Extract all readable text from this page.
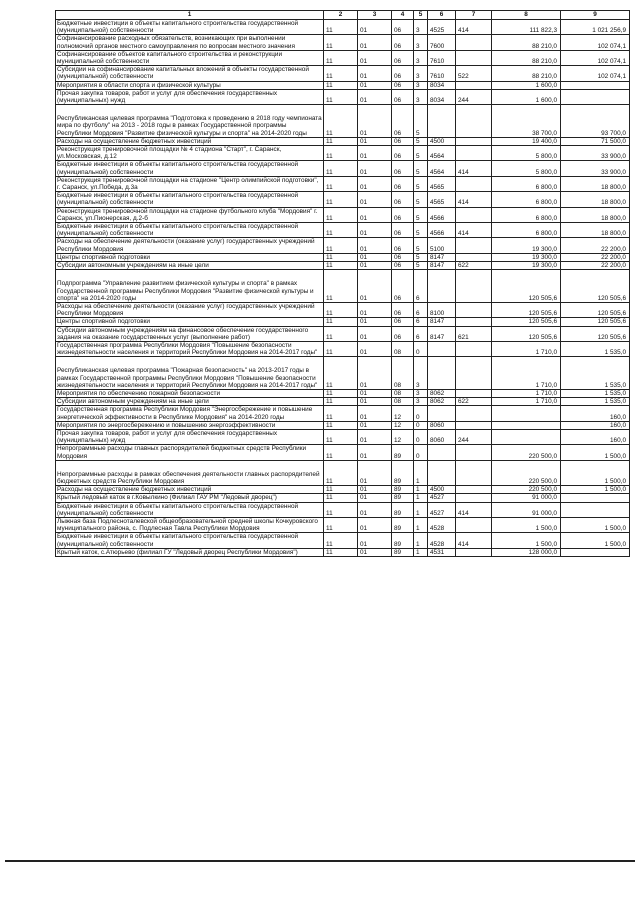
1	2	3	4	5	6	7	8	9
Бюджетные инвестиции в объекты капитального строительства государственной (муниципальной) собственности	11	01	06	3	4525	414	111 822,3	1 021 256,9
Софинансирование расходных обязательств, возникающих при выполнении полномочий органов местного самоуправления по вопросам местного значения	11	01	06	3	7600		88 210,0	102 074,1
Софинансирование объектов капитального строительства и реконструкции муниципальной собственности	11	01	06	3	7610		88 210,0	102 074,1
Субсидии на софинансирование капитальных вложений в объекты государственной (муниципальной) собственности	11	01	06	3	7610	522	88 210,0	102 074,1
Мероприятия в области спорта и физической культуры	11	01	06	3	8034		1 600,0	
Прочая закупка товаров, работ и услуг для обеспечения государственных (муниципальных) нужд	11	01	06	3	8034	244	1 600,0	
Республиканская целевая программа "Подготовка к проведению в 2018 году чемпионата мира по футболу" на 2013 - 2018 годы в рамках Государственной программы Республики Мордовия "Развитие физической культуры и спорта" на 2014-2020 годы	11	01	06	5			38 700,0	93 700,0
Расходы на осуществление бюджетных инвестиций	11	01	06	5	4500		19 400,0	71 500,0
Реконструкция тренировочной площадки № 4 стадиона "Старт", г. Саранск, ул.Московская, д.12	11	01	06	5	4564		5 800,0	33 900,0
Бюджетные инвестиции в объекты капитального строительства государственной (муниципальной) собственности	11	01	06	5	4564	414	5 800,0	33 900,0
Реконструкция тренировочной площадки на стадионе "Центр олимпийской подготовки", г. Саранск, ул.Победа, д.3а	11	01	06	5	4565		6 800,0	18 800,0
Бюджетные инвестиции в объекты капитального строительства государственной (муниципальной) собственности	11	01	06	5	4565	414	6 800,0	18 800,0
Реконструкция тренировочной площадки на стадионе футбольного клуба "Мордовия" г. Саранск, ул.Пионерская, д.2-б	11	01	06	5	4566		6 800,0	18 800,0
Бюджетные инвестиции в объекты капитального строительства государственной (муниципальной) собственности	11	01	06	5	4566	414	6 800,0	18 800,0
Расходы на обеспечение деятельности (оказание услуг) государственных учреждений Республики Мордовия	11	01	06	5	5100		19 300,0	22 200,0
Центры спортивной подготовки	11	01	06	5	8147		19 300,0	22 200,0
Субсидии автономным учреждениям на иные цели	11	01	06	5	8147	622	19 300,0	22 200,0
Подпрограмма "Управление развитием физической культуры и спорта" в рамках Государственной программы Республики Мордовия "Развитие физической культуры и спорта" на 2014-2020 годы	11	01	06	6			120 505,6	120 505,6
Расходы на обеспечение деятельности (оказание услуг) государственных учреждений Республики Мордовия	11	01	06	6	8100		120 505,6	120 505,6
Центры спортивной подготовки	11	01	06	6	8147		120 505,6	120 505,6
Субсидии автономным учреждениям на финансовое обеспечение государственного задания на оказание государственных услуг (выполнение работ)	11	01	06	6	8147	621	120 505,6	120 505,6
Государственная программа Республики Мордовия "Повышение безопасности жизнедеятельности населения и территорий Республики Мордовия на 2014-2017 годы"	11	01	08	0			1 710,0	1 535,0
Республиканская целевая программа "Пожарная безопасность" на 2013-2017 годы в рамках Государственной программы Республики Мордовия "Повышение безопасности жизнедеятельности населения и территорий Республики Мордовия на 2014-2017 годы"	11	01	08	3			1 710,0	1 535,0
Мероприятия по обеспечению пожарной безопасности	11	01	08	3	8062		1 710,0	1 535,0
Субсидии автономным учреждениям на иные цели	11	01	08	3	8062	622	1 710,0	1 535,0
Государственная программа Республики Мордовия "Энергосбережение и повышение энергетической эффективности в Республике Мордовия" на 2014-2020 годы	11	01	12	0				160,0
Мероприятия по энергосбережению и повышению энергоэффективности	11	01	12	0	8060			160,0
Прочая закупка товаров, работ и услуг для обеспечения государственных (муниципальных) нужд	11	01	12	0	8060	244		160,0
Непрограммные расходы главных распорядителей бюджетных средств Республики Мордовия	11	01	89	0			220 500,0	1 500,0
Непрограммные расходы в рамках обеспечения деятельности главных распорядителей бюджетных средств Республики Мордовия	11	01	89	1			220 500,0	1 500,0
Расходы на осуществление бюджетных инвестиций	11	01	89	1	4500		220 500,0	1 500,0
Крытый ледовый каток в г.Ковылкино (Филиал ГАУ РМ "Ледовый дворец")	11	01	89	1	4527		91 000,0	
Бюджетные инвестиции в объекты капитального строительства государственной (муниципальной) собственности	11	01	89	1	4527	414	91 000,0	
Лыжная база Подлесноталевской общеобразовательной средней школы Кочкуровского муниципального района, с. Подлесная Тавла Республики Мордовия	11	01	89	1	4528		1 500,0	1 500,0
Бюджетные инвестиции в объекты капитального строительства государственной (муниципальной) собственности	11	01	89	1	4528	414	1 500,0	1 500,0
Крытый каток, с.Атюрьево (филиал ГУ "Ледовый дворец Республики Мордовия")	11	01	89	1	4531		128 000,0	
